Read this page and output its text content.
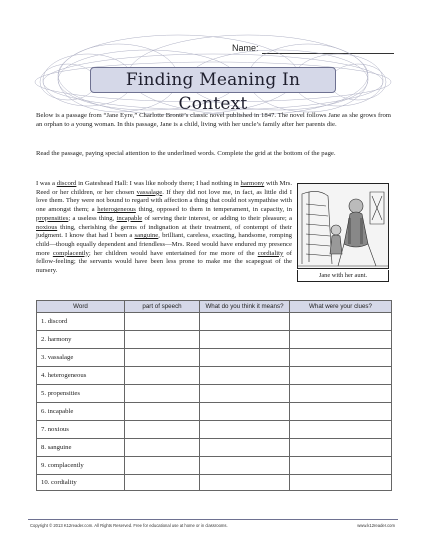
Name:
Finding Meaning In Context

Below is a passage from “Jane Eyre,” Charlotte Brontë’s classic novel published in 1847. The novel follows Jane as she grows from an orphan to a young woman. In this passage, Jane is a child, living with her uncle’s family after her parents die.

Read the passage, paying special attention to the underlined words. Complete the grid at the bottom of the page.

I was a discord in Gateshead Hall: I was like nobody there; I had nothing in harmony with Mrs. Reed or her children, or her chosen vassalage. If they did not love me, in fact, as little did I love them. They were not bound to regard with affection a thing that could not sympathise with one amongst them; a heterogeneous thing, opposed to them in temperament, in capacity, in propensities; a useless thing, incapable of serving their interest, or adding to their pleasure; a noxious thing, cherishing the germs of indignation at their treatment, of contempt of their judgment. I know that had I been a sanguine, brilliant, careless, exacting, handsome, romping child—though equally dependent and friendless—Mrs. Reed would have endured my presence more complacently; her children would have entertained for me more of the cordiality of fellow-feeling; the servants would have been less prone to make me the scapegoat of the nursery.

Jane with her aunt.
Word	part of speech	What do you think it means?	What were your clues?
1. discord			
2. harmony			
3. vassalage			
4. heterogeneous			
5. propensities			
6. incapable			
7. noxious			
8. sanguine			
9. complacently			
10. cordiality			
Copyright © 2013 K12reader.com. All Rights Reserved. Free for educational use at home or in classrooms.	www.k12reader.com
